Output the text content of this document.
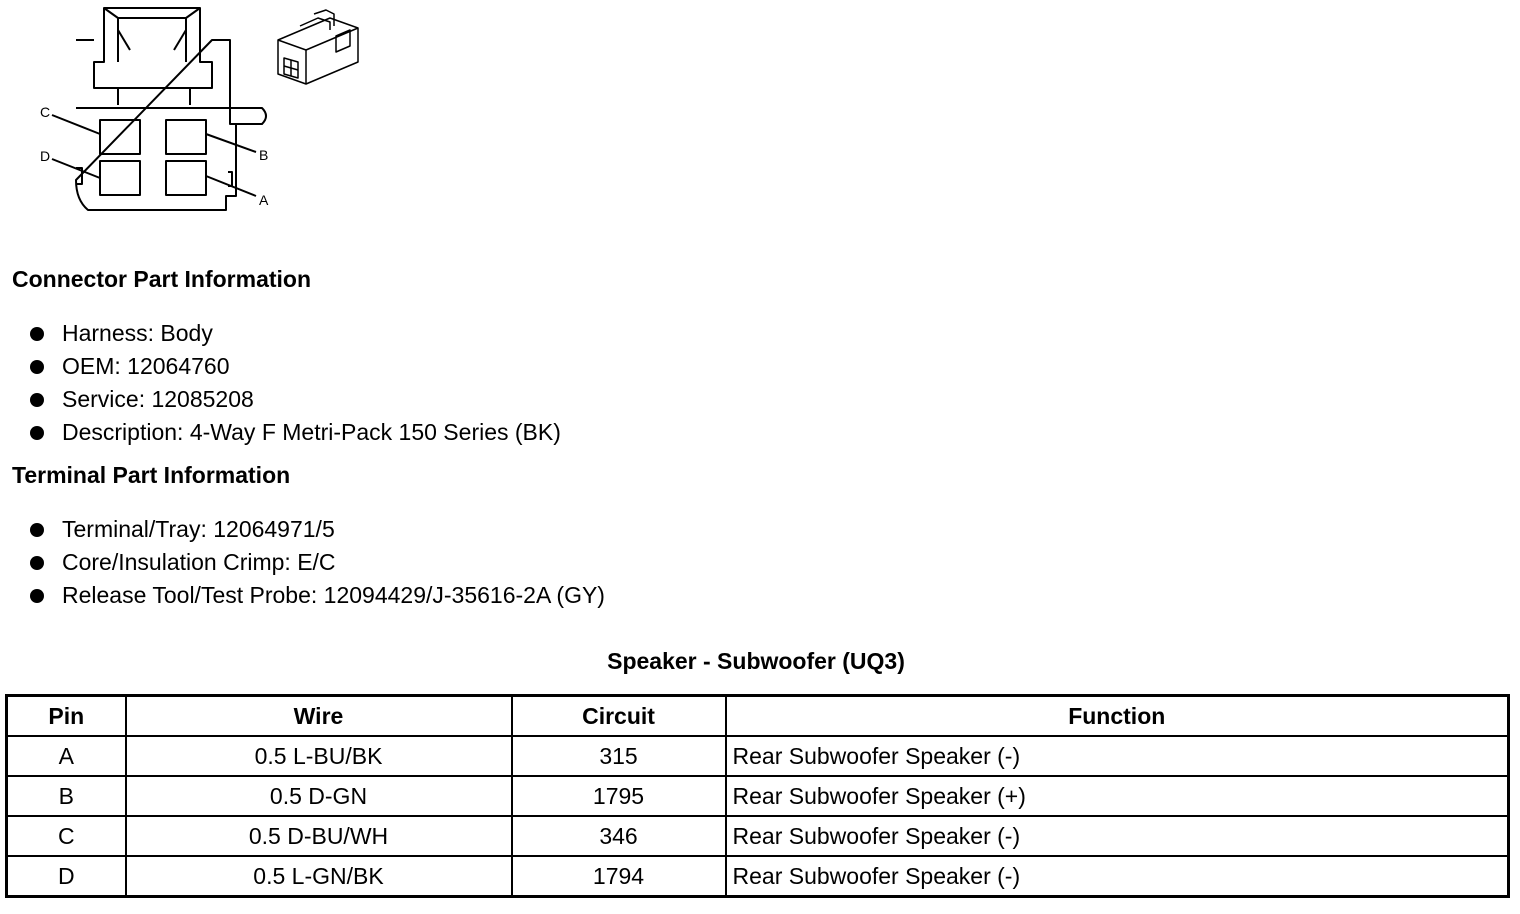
C
D	B
A
Connector Part Information
Harness: Body
OEM: 12064760
Service: 12085208
Description: 4-Way F Metri-Pack 150 Series (BK)
Terminal Part Information
Terminal/Tray: 12064971/5
Core/Insulation Crimp: E/C
Release Tool/Test Probe: 12094429/J-35616-2A (GY)
Speaker - Subwoofer (UQ3)
Pin	Wire	Circuit	Function
A	0.5 L-BU/BK	315	Rear Subwoofer Speaker (-)
B	0.5 D-GN	1795	Rear Subwoofer Speaker (+)
C	0.5 D-BU/WH	346	Rear Subwoofer Speaker (-)
D	0.5 L-GN/BK	1794	Rear Subwoofer Speaker (-)
